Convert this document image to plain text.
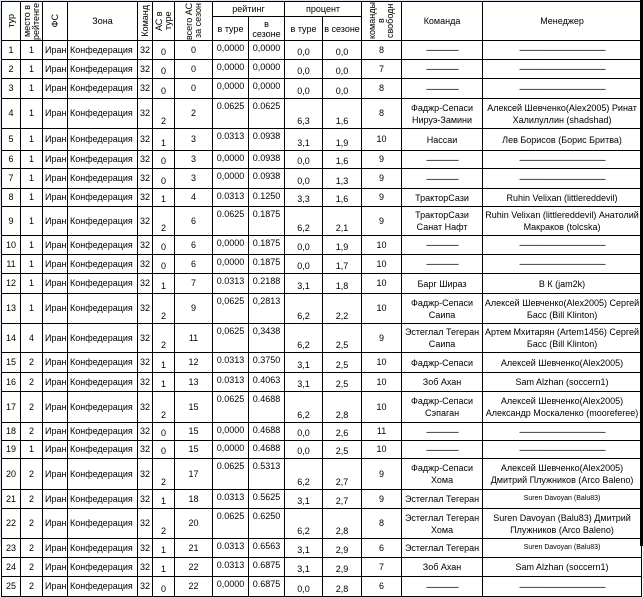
тур	место в рейтенге	ФС	Зона	Команд	АС в туре	всего АС за сезон	рейтинг		процент		команды в свободн	Команда	Менеджер
							в туре	в сезоне	в туре	в сезоне			
1	1	Иран	Конфедерация	32	0	0	0,0000	0,0000	0,0	0,0	8	----------------	-------------------------------------------
2	1	Иран	Конфедерация	32	0	0	0,0000	0,0000	0,0	0,0	7	----------------	-------------------------------------------
3	1	Иран	Конфедерация	32	0	0	0,0000	0,0000	0,0	0,0	8	----------------	-------------------------------------------
4	1	Иран	Конфедерация	32	2	2	0.0625	0.0625	6,3	1,6	8	Фаджр-Сепаси Нируэ-Замини	Алексей Шевченко(Alex2005) Ринат Халилуллин (shadshad)
5	1	Иран	Конфедерация	32	1	3	0.0313	0.0938	3,1	1,9	10	Нассаи	Лев Борисов (Борис Бритва)
6	1	Иран	Конфедерация	32	0	3	0,0000	0.0938	0,0	1,6	9	----------------	-------------------------------------------
7	1	Иран	Конфедерация	32	0	3	0,0000	0.0938	0,0	1,3	9	----------------	-------------------------------------------
8	1	Иран	Конфедерация	32	1	4	0.0313	0.1250	3,3	1,6	9	ТракторСази	Ruhin Velixan (littlereddevil)
9	1	Иран	Конфедерация	32	2	6	0.0625	0.1875	6,2	2,1	9	ТракторСази Санат Нафт	Ruhin Velixan (littlereddevil) Анатолий Макраков (tolcska)
10	1	Иран	Конфедерация	32	0	6	0,0000	0.1875	0,0	1,9	10	----------------	-------------------------------------------
11	1	Иран	Конфедерация	32	0	6	0,0000	0.1875	0,0	1,7	10	----------------	-------------------------------------------
12	1	Иран	Конфедерация	32	1	7	0.0313	0.2188	3,1	1,8	10	Барг Шираз	В К (jam2k)
13	1	Иран	Конфедерация	32	2	9	0,0625	0,2813	6,2	2,2	10	Фаджр-Сепаси Саипа	Алексей Шевченко(Alex2005) Сергей Басс (Bill Klinton)
14	4	Иран	Конфедерация	32	2	11	0,0625	0,3438	6,2	2,5	9	Эстеглал Тегеран Саипа	Артем Мхитарян (Artem1456) Сергей Басс (Bill Klinton)
15	2	Иран	Конфедерация	32	1	12	0.0313	0.3750	3,1	2,5	10	Фаджр-Сепаси	Алексей Шевченко(Alex2005)
16	2	Иран	Конфедерация	32	1	13	0.0313	0.4063	3,1	2,5	10	Зоб Ахан	Sam Alzhan (soccern1)
17	2	Иран	Конфедерация	32	2	15	0.0625	0.4688	6,2	2,8	10	Фаджр-Сепаси Сэпаган	Алексей Шевченко(Alex2005) Александр Москаленко (mooreferee)
18	2	Иран	Конфедерация	32	0	15	0,0000	0.4688	0,0	2,6	11	----------------	-------------------------------------------
19	1	Иран	Конфедерация	32	0	15	0,0000	0.4688	0,0	2,5	10	----------------	-------------------------------------------
20	2	Иран	Конфедерация	32	2	17	0.0625	0.5313	6,2	2,7	9	Фаджр-Сепаси Хома	Алексей Шевченко(Alex2005) Дмитрий Плужников (Arco Baleno)
21	2	Иран	Конфедерация	32	1	18	0.0313	0.5625	3,1	2,7	9	Эстеглал Тегеран	Suren Davoyan (Balu83)
22	2	Иран	Конфедерация	32	2	20	0.0625	0.6250	6,2	2,8	8	Эстеглал Тегеран Хома	Suren Davoyan (Balu83) Дмитрий Плужников (Arco Baleno)
23	2	Иран	Конфедерация	32	1	21	0.0313	0.6563	3,1	2,9	6	Эстеглал Тегеран	Suren Davoyan (Balu83)
24	2	Иран	Конфедерация	32	1	22	0.0313	0.6875	3,1	2,9	7	Зоб Ахан	Sam Alzhan (soccern1)
25	2	Иран	Конфедерация	32	0	22	0,0000	0.6875	0,0	2,8	6	----------------	-------------------------------------------
